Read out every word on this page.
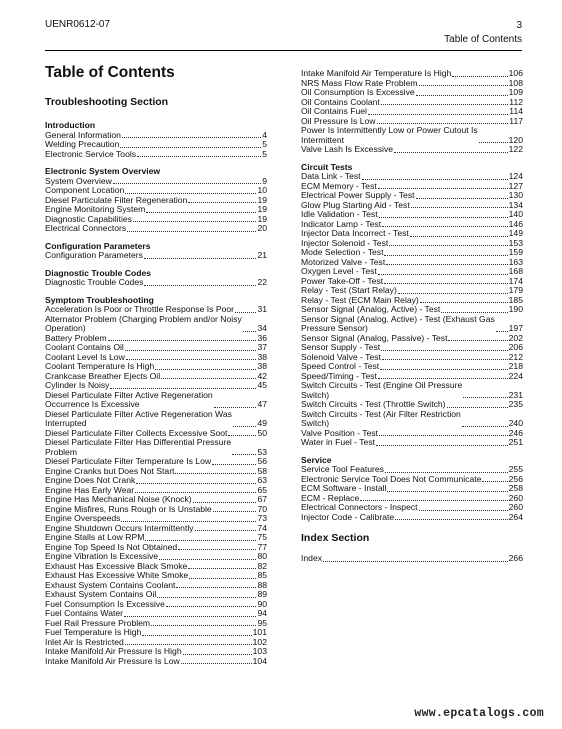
UENR0612-07	3
Table of Contents
Table of Contents
Troubleshooting Section
Introduction
General Information	4
Welding Precaution	5
Electronic Service Tools	5
Electronic System Overview
System Overview	9
Component Location	10
Diesel Particulate Filter Regeneration	19
Engine Monitoring System	19
Diagnostic Capabilities	19
Electrical Connectors	20
Configuration Parameters
Configuration Parameters	21
Diagnostic Trouble Codes
Diagnostic Trouble Codes	22
Symptom Troubleshooting
Acceleration Is Poor or Throttle Response Is Poor	31
Alternator Problem (Charging Problem and/or Noisy
Operation)	34
Battery Problem	36
Coolant Contains Oil	37
Coolant Level Is Low	38
Coolant Temperature Is High	38
Crankcase Breather Ejects Oil	42
Cylinder Is Noisy	45
Diesel Particulate Filter Active Regeneration
Occurrence Is Excessive	47
Diesel Particulate Filter Active Regeneration Was
Interrupted	49
Diesel Particulate Filter Collects Excessive Soot	50
Diesel Particulate Filter Has Differential Pressure
Problem	53
Diesel Particulate Filter Temperature Is Low	56
Engine Cranks but Does Not Start	58
Engine Does Not Crank	63
Engine Has Early Wear	65
Engine Has Mechanical Noise (Knock)	67
Engine Misfires, Runs Rough or Is Unstable	70
Engine Overspeeds	73
Engine Shutdown Occurs Intermittently	74
Engine Stalls at Low RPM	75
Engine Top Speed Is Not Obtained	77
Engine Vibration Is Excessive	80
Exhaust Has Excessive Black Smoke	82
Exhaust Has Excessive White Smoke	85
Exhaust System Contains Coolant	88
Exhaust System Contains Oil	89
Fuel Consumption Is Excessive	90
Fuel Contains Water	94
Fuel Rail Pressure Problem	95
Fuel Temperature Is High	101
Inlet Air Is Restricted	102
Intake Manifold Air Pressure Is High	103
Intake Manifold Air Pressure Is Low	104
Intake Manifold Air Temperature Is High	106
NRS Mass Flow Rate Problem	108
Oil Consumption Is Excessive	109
Oil Contains Coolant	112
Oil Contains Fuel	114
Oil Pressure Is Low	117
Power Is Intermittently Low or Power Cutout Is
Intermittent	120
Valve Lash Is Excessive	122
Circuit Tests
Data Link - Test	124
ECM Memory - Test	127
Electrical Power Supply - Test	130
Glow Plug Starting Aid - Test	134
Idle Validation - Test	140
Indicator Lamp - Test	146
Injector Data Incorrect - Test	149
Injector Solenoid - Test	153
Mode Selection - Test	159
Motorized Valve - Test	163
Oxygen Level - Test	168
Power Take-Off - Test	174
Relay - Test (Start Relay)	179
Relay - Test (ECM Main Relay)	185
Sensor Signal (Analog, Active) - Test	190
Sensor Signal (Analog, Active) - Test (Exhaust Gas
Pressure Sensor)	197
Sensor Signal (Analog, Passive) - Test	202
Sensor Supply - Test	206
Solenoid Valve - Test	212
Speed Control - Test	218
Speed/Timing - Test	224
Switch Circuits - Test (Engine Oil Pressure
Switch)	231
Switch Circuits - Test (Throttle Switch)	235
Switch Circuits - Test (Air Filter Restriction
Switch)	240
Valve Position - Test	246
Water in Fuel - Test	251
Service
Service Tool Features	255
Electronic Service Tool Does Not Communicate	256
ECM Software - Install	258
ECM - Replace	260
Electrical Connectors - Inspect	260
Injector Code - Calibrate	264
Index Section
Index	266
www.epcatalogs.com
